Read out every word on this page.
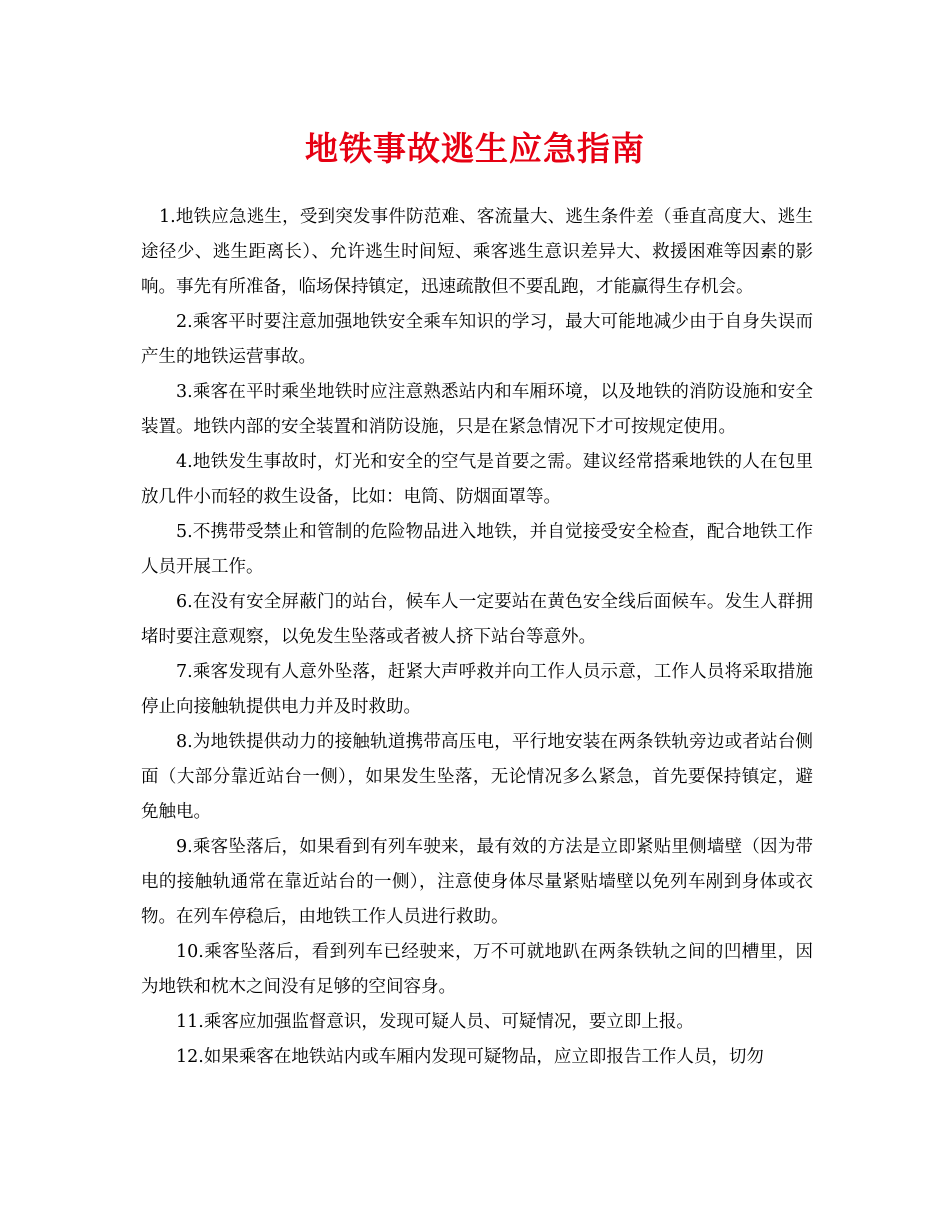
地铁事故逃生应急指南

1.地铁应急逃生，受到突发事件防范难、客流量大、逃生条件差（垂直高度大、逃生途径少、逃生距离长）、允许逃生时间短、乘客逃生意识差异大、救援困难等因素的影响。事先有所准备，临场保持镇定，迅速疏散但不要乱跑，才能赢得生存机会。

2.乘客平时要注意加强地铁安全乘车知识的学习，最大可能地减少由于自身失误而产生的地铁运营事故。

3.乘客在平时乘坐地铁时应注意熟悉站内和车厢环境，以及地铁的消防设施和安全装置。地铁内部的安全装置和消防设施，只是在紧急情况下才可按规定使用。

4.地铁发生事故时，灯光和安全的空气是首要之需。建议经常搭乘地铁的人在包里放几件小而轻的救生设备，比如：电筒、防烟面罩等。

5.不携带受禁止和管制的危险物品进入地铁，并自觉接受安全检查，配合地铁工作人员开展工作。

6.在没有安全屏蔽门的站台，候车人一定要站在黄色安全线后面候车。发生人群拥堵时要注意观察，以免发生坠落或者被人挤下站台等意外。

7.乘客发现有人意外坠落，赶紧大声呼救并向工作人员示意，工作人员将采取措施停止向接触轨提供电力并及时救助。

8.为地铁提供动力的接触轨道携带高压电，平行地安装在两条铁轨旁边或者站台侧面（大部分靠近站台一侧），如果发生坠落，无论情况多么紧急，首先要保持镇定，避免触电。

9.乘客坠落后，如果看到有列车驶来，最有效的方法是立即紧贴里侧墙壁（因为带电的接触轨通常在靠近站台的一侧），注意使身体尽量紧贴墙壁以免列车剐到身体或衣物。在列车停稳后，由地铁工作人员进行救助。

10.乘客坠落后，看到列车已经驶来，万不可就地趴在两条铁轨之间的凹槽里，因为地铁和枕木之间没有足够的空间容身。

11.乘客应加强监督意识，发现可疑人员、可疑情况，要立即上报。

12.如果乘客在地铁站内或车厢内发现可疑物品，应立即报告工作人员，切勿
